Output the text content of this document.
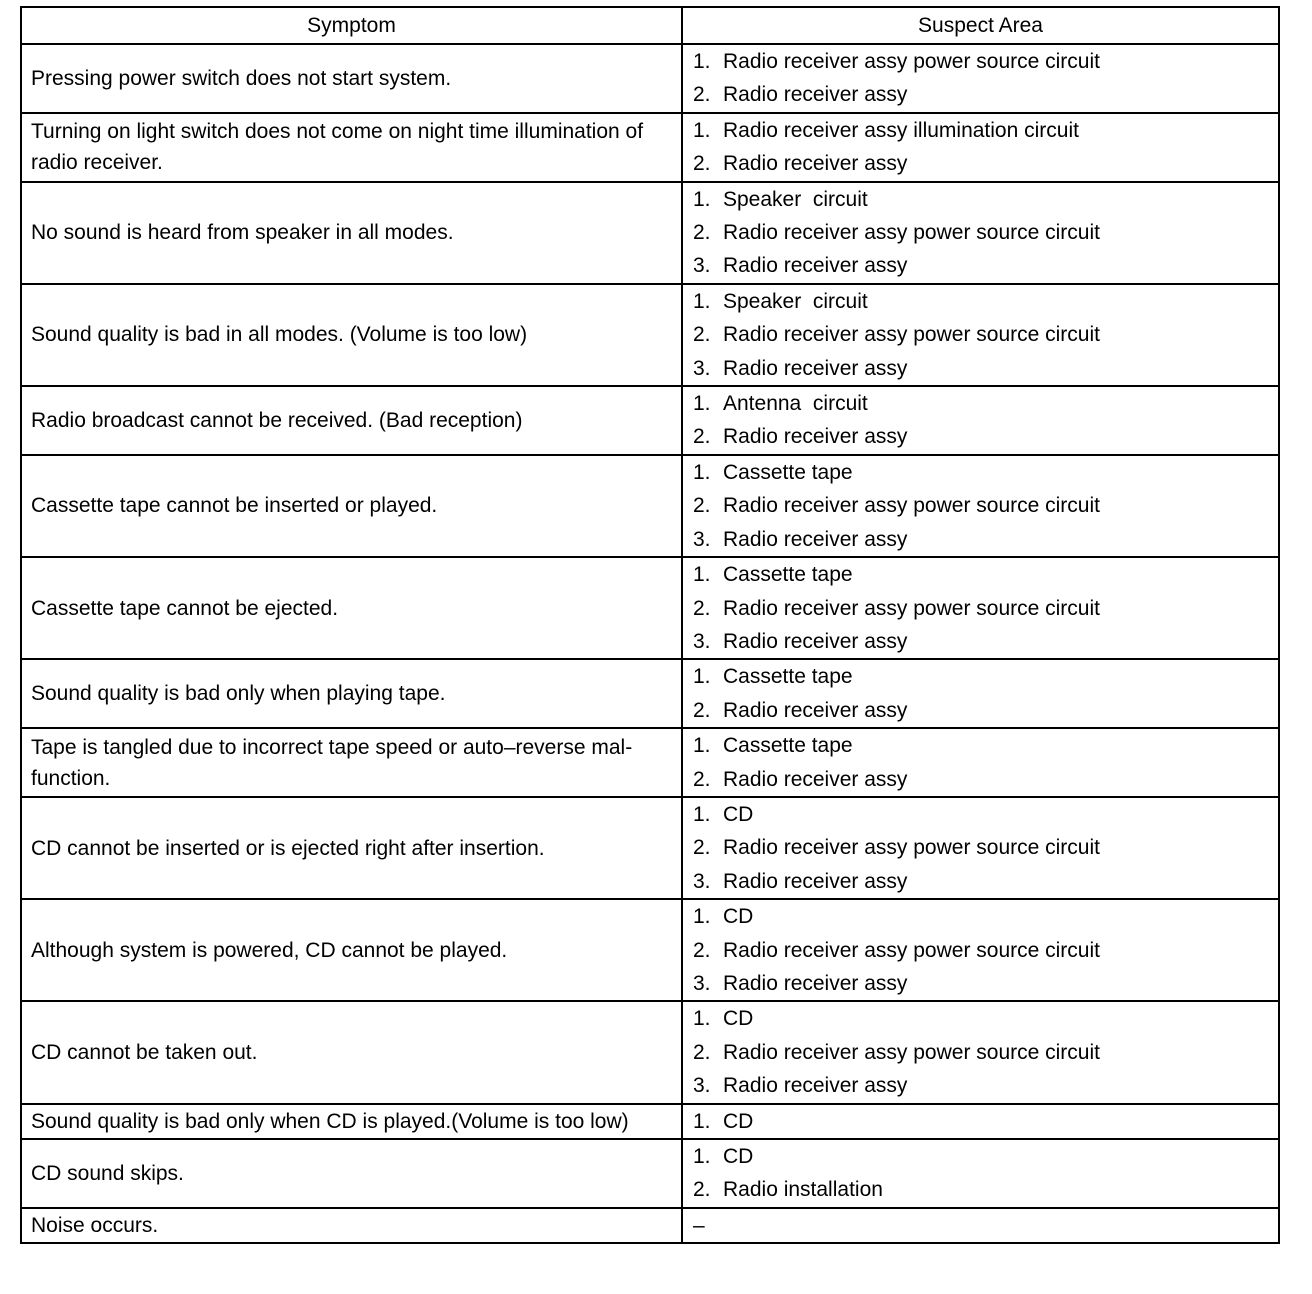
Symptom	Suspect Area
Pressing power switch does not start system.	1. Radio receiver assy power source circuit
2. Radio receiver assy

Turning on light switch does not come on night time illumination of radio receiver.	1. Radio receiver assy illumination circuit
2. Radio receiver assy

No sound is heard from speaker in all modes.	1. Speaker  circuit
2. Radio receiver assy power source circuit
3. Radio receiver assy

Sound quality is bad in all modes. (Volume is too low)	1. Speaker  circuit
2. Radio receiver assy power source circuit
3. Radio receiver assy

Radio broadcast cannot be received. (Bad reception)	1. Antenna  circuit
2. Radio receiver assy

Cassette tape cannot be inserted or played.	1. Cassette tape
2. Radio receiver assy power source circuit
3. Radio receiver assy

Cassette tape cannot be ejected.	1. Cassette tape
2. Radio receiver assy power source circuit
3. Radio receiver assy

Sound quality is bad only when playing tape.	1. Cassette tape
2. Radio receiver assy

Tape is tangled due to incorrect tape speed or auto–reverse mal- function.	1. Cassette tape
2. Radio receiver assy

CD cannot be inserted or is ejected right after insertion.	1. CD
2. Radio receiver assy power source circuit
3. Radio receiver assy

Although system is powered, CD cannot be played.	1. CD
2. Radio receiver assy power source circuit
3. Radio receiver assy

CD cannot be taken out.	1. CD
2. Radio receiver assy power source circuit
3. Radio receiver assy

Sound quality is bad only when CD is played.(Volume is too low)	1. CD

CD sound skips.	1. CD
2. Radio installation

Noise occurs.	–
